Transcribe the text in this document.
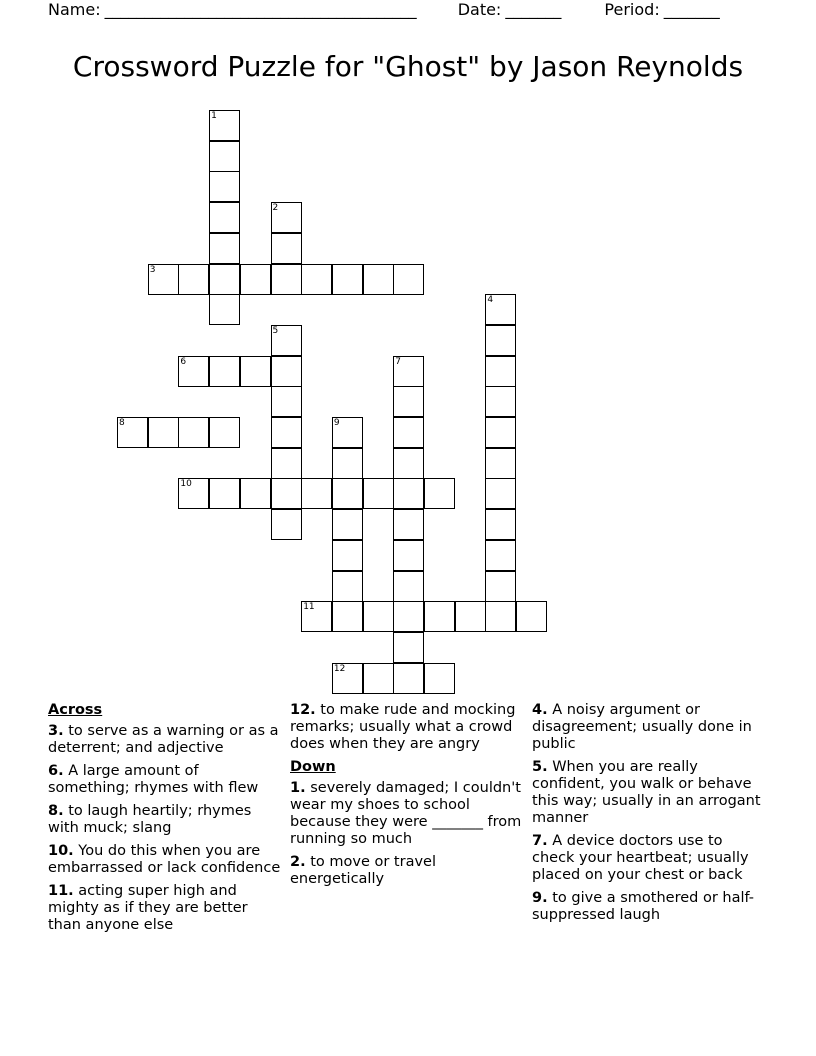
Name: _______________________________________	Date: _______	Period: _______
Crossword Puzzle for "Ghost" by Jason Reynolds
1
2
3
4
5
6	7
8	9
10
11
12
Across
3. to serve as a warning or as a deterrent; and adjective
6. A large amount of something; rhymes with flew
8. to laugh heartily; rhymes with muck; slang
10. You do this when you are embarrassed or lack confidence
11. acting super high and mighty as if they are better than anyone else
12. to make rude and mocking remarks; usually what a crowd does when they are angry
Down
1. severely damaged; I couldn't wear my shoes to school because they were _______ from running so much
2. to move or travel energetically
4. A noisy argument or disagreement; usually done in public
5. When you are really confident, you walk or behave this way; usually in an arrogant manner
7. A device doctors use to check your heartbeat; usually placed on your chest or back
9. to give a smothered or half-suppressed laugh
